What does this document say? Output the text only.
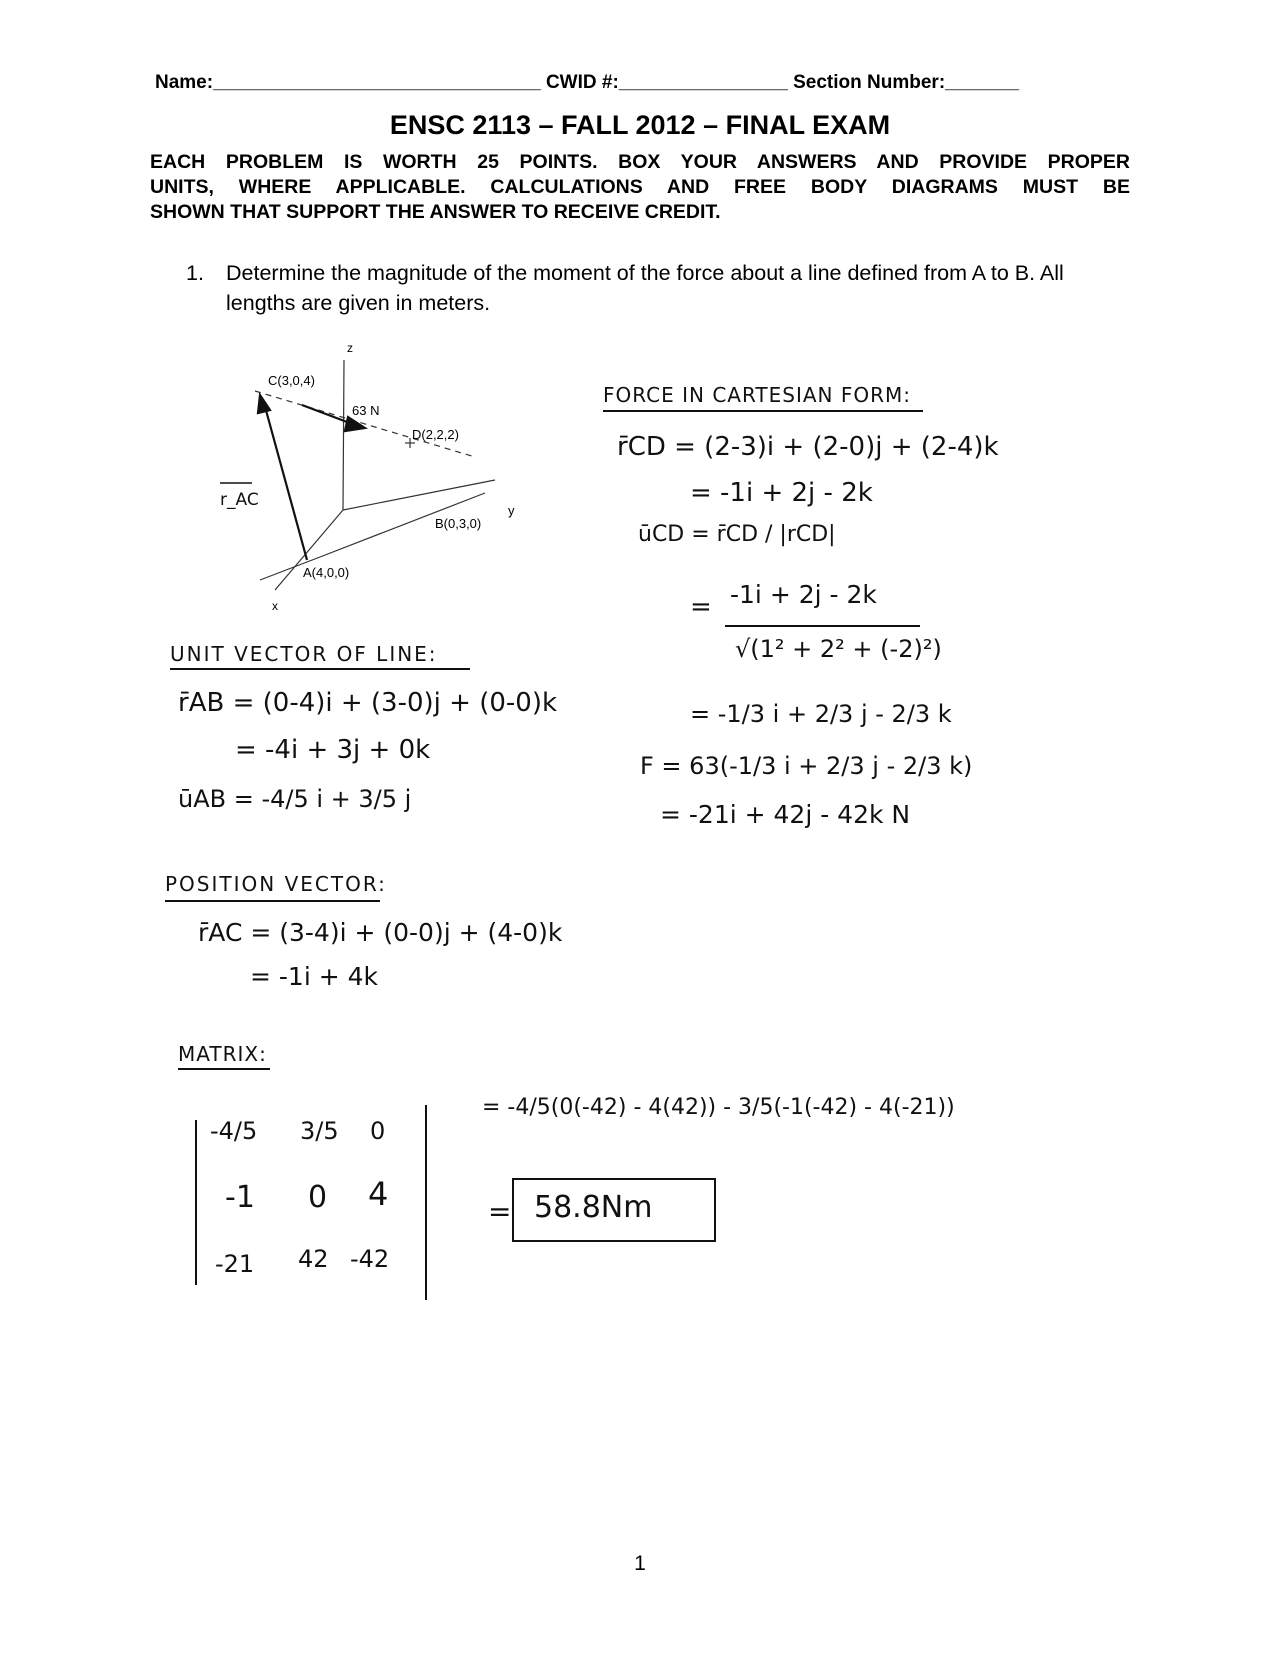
Name:_______________________________ CWID #:________________ Section Number:_______
ENSC 2113 – FALL 2012 – FINAL EXAM
EACH PROBLEM IS WORTH 25 POINTS. BOX YOUR ANSWERS AND PROVIDE PROPER
UNITS, WHERE APPLICABLE. CALCULATIONS AND FREE BODY DIAGRAMS MUST BE
SHOWN THAT SUPPORT THE ANSWER TO RECEIVE CREDIT.
1. Determine the magnitude of the moment of the force about a line defined from A to B. All lengths are given in meters.
z
C(3,0,4)
63 N
D(2,2,2)
y
B(0,3,0)
A(4,0,0)
x
r_AC
UNIT VECTOR OF LINE:
r̄AB = (0-4)i + (3-0)j + (0-0)k
= -4i + 3j + 0k
ūAB = -4/5 i + 3/5 j
POSITION VECTOR:
r̄AC = (3-4)i + (0-0)j + (4-0)k
= -1i + 4k
FORCE IN CARTESIAN FORM:
r̄CD = (2-3)i + (2-0)j + (2-4)k
= -1i + 2j - 2k
ūCD = r̄CD / |rCD|
= -1i + 2j - 2k
√(1² + 2² + (-2)²)
= -1/3 i + 2/3 j - 2/3 k
F = 63(-1/3 i + 2/3 j - 2/3 k)
= -21i + 42j - 42k N
MATRIX:
-4/5 3/5 0
-1 0 4
-21 42 -42
= -4/5(0(-42) - 4(42)) - 3/5(-1(-42) - 4(-21))
= 58.8Nm
1
